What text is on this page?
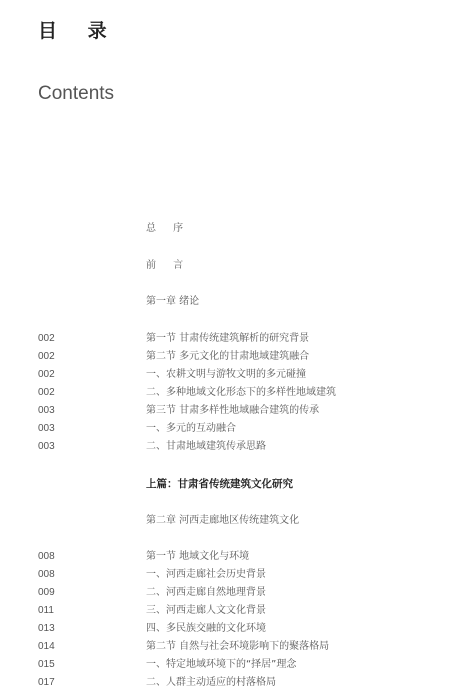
目 录
Contents
总 序
前 言
第一章 绪论
002	第一节 甘肃传统建筑解析的研究背景
002	第二节 多元文化的甘肃地域建筑融合
002	一、农耕文明与游牧文明的多元碰撞
002	二、多种地域文化形态下的多样性地域建筑
003	第三节 甘肃多样性地域融合建筑的传承
003	一、多元的互动融合
003	二、甘肃地域建筑传承思路
上篇：甘肃省传统建筑文化研究
第二章 河西走廊地区传统建筑文化
008	第一节 地域文化与环境
008	一、河西走廊社会历史背景
009	二、河西走廊自然地理背景
011	三、河西走廊人文文化背景
013	四、多民族交融的文化环境
014	第二节 自然与社会环境影响下的聚落格局
015	一、特定地域环境下的“择居”理念
017	二、人群主动适应的村落格局
